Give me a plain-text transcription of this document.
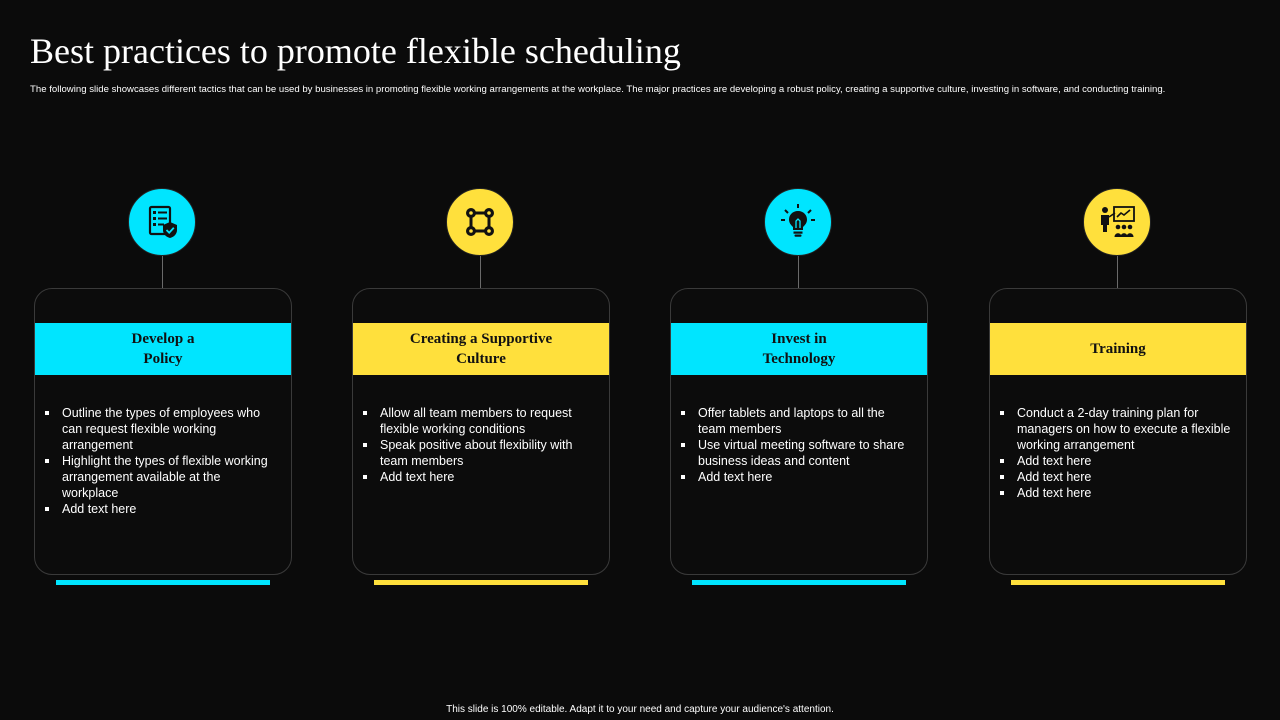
Best practices to promote flexible scheduling

The following slide showcases different tactics that can be used by businesses in promoting flexible working arrangements at the workplace. The major practices are developing a robust policy, creating a supportive culture, investing in software, and conducting training.

Develop a
Policy
Outline the types of employees who can request flexible working arrangement
Highlight the types of flexible working arrangement available at the workplace
Add text here
Creating a Supportive
Culture
Allow all team members to request flexible working conditions
Speak positive about flexibility with team members
Add text here
Invest in
Technology
Offer tablets and laptops to all the team members
Use virtual meeting software to share business ideas and content
Add text here
Training
Conduct a 2-day training plan for managers on how to execute a flexible working arrangement
Add text here
Add text here
Add text here
This slide is 100% editable. Adapt it to your need and capture your audience's attention.
